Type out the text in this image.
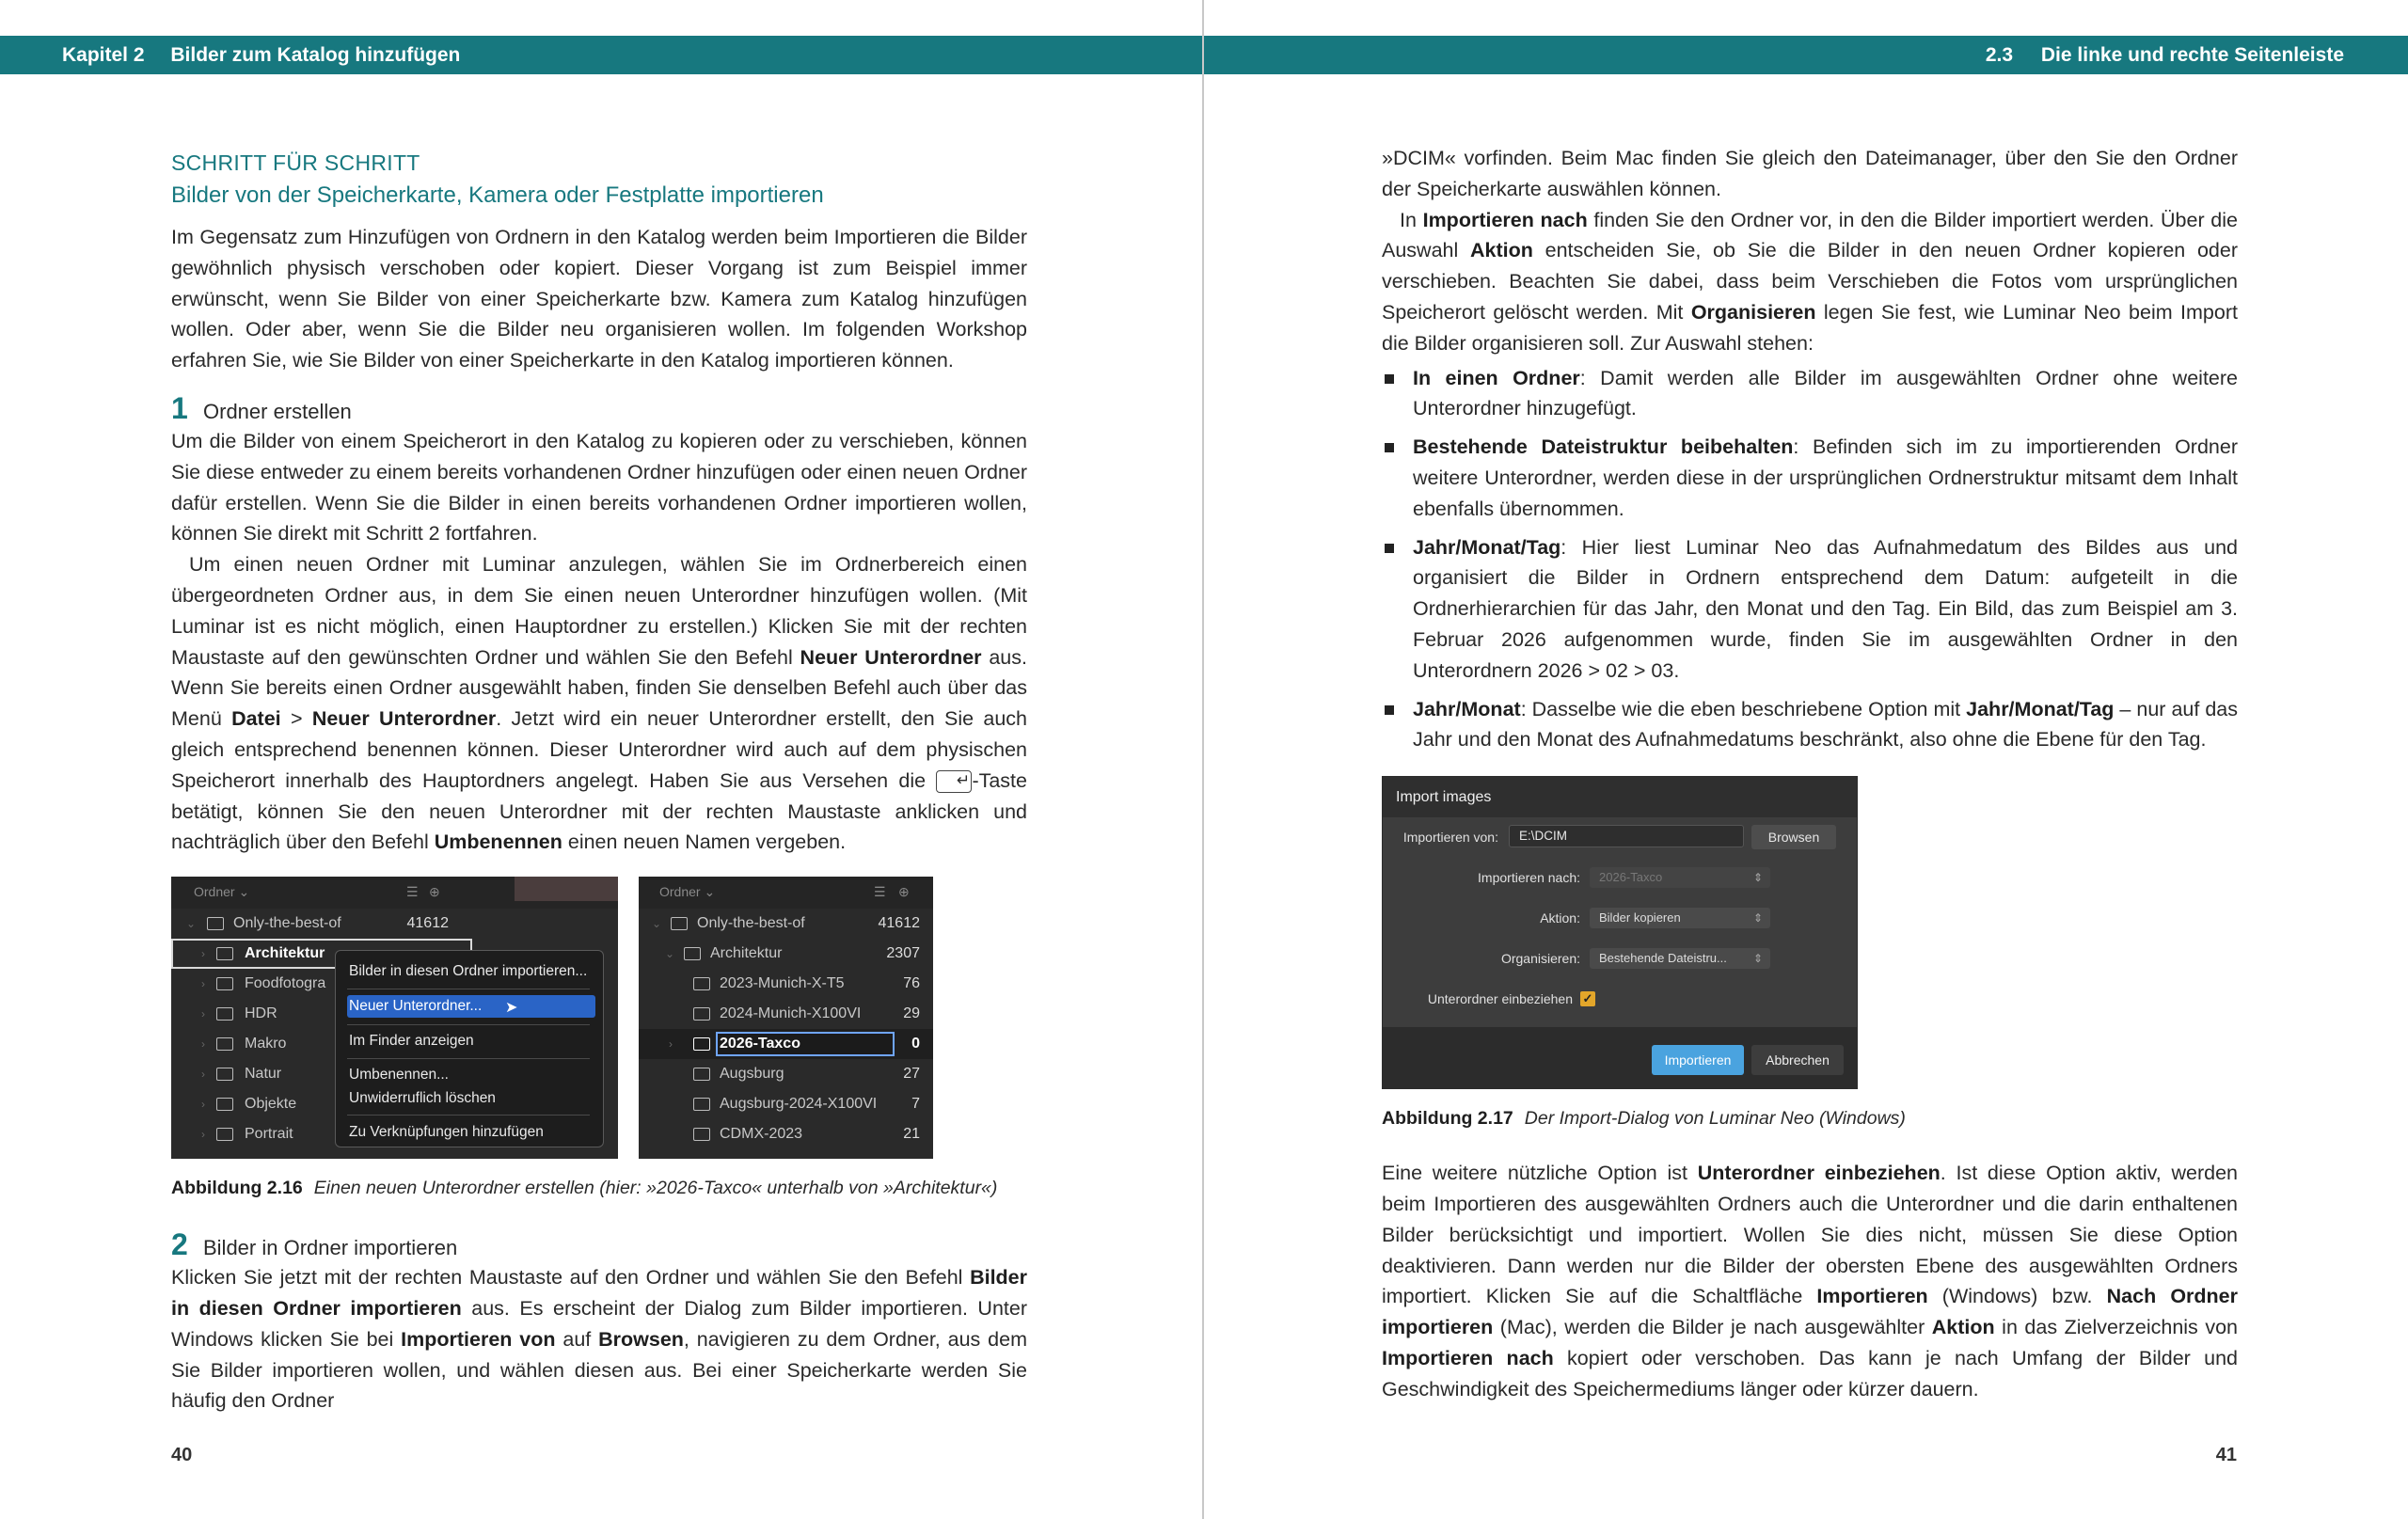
Kapitel 2 Bilder zum Katalog hinzufügen	2.3 Die linke und rechte Seitenleiste
SCHRITT FÜR SCHRITT
Bilder von der Speicherkarte, Kamera oder Festplatte importieren

Im Gegensatz zum Hinzufügen von Ordnern in den Katalog werden beim Importieren die Bilder gewöhnlich physisch verschoben oder kopiert. Dieser Vorgang ist zum Beispiel immer erwünscht, wenn Sie Bilder von einer Speicherkarte bzw. Kamera zum Katalog hinzufügen wollen. Oder aber, wenn Sie die Bilder neu organisieren wollen. Im folgenden Workshop erfahren Sie, wie Sie Bilder von einer Speicherkarte in den Katalog importieren können.

1 Ordner erstellen

Um die Bilder von einem Speicherort in den Katalog zu kopieren oder zu verschieben, können Sie diese entweder zu einem bereits vorhandenen Ordner hinzufügen oder einen neuen Ordner dafür erstellen. Wenn Sie die Bilder in einen bereits vorhandenen Ordner importieren wollen, können Sie direkt mit Schritt 2 fortfahren.

Um einen neuen Ordner mit Luminar anzulegen, wählen Sie im Ordnerbereich einen übergeordneten Ordner aus, in dem Sie einen neuen Unterordner hinzufügen wollen. (Mit Luminar ist es nicht möglich, einen Hauptordner zu erstellen.) Klicken Sie mit der rechten Maustaste auf den gewünschten Ordner und wählen Sie den Befehl Neuer Unterordner aus. Wenn Sie bereits einen Ordner ausgewählt haben, finden Sie denselben Befehl auch über das Menü Datei > Neuer Unterordner. Jetzt wird ein neuer Unterordner erstellt, den Sie auch gleich entsprechend benennen können. Dieser Unterordner wird auch auf dem physischen Speicherort innerhalb des Hauptordners angelegt. Haben Sie aus Versehen die ↵ -Taste betätigt, können Sie den neuen Unterordner mit der rechten Maustaste anklicken und nachträglich über den Befehl Umbenennen einen neuen Namen vergeben.

Ordner ⌄	☰ ⊕
⌄ Only-the-best-of	41612
›	Architektur
›	Foodfotogra
›	HDR
›	Makro
›	Natur
›	Objekte
›	Portrait
Bilder in diesen Ordner importieren...
Neuer Unterordner...	➤
Im Finder anzeigen
Umbenennen...
Unwiderruflich löschen
Zu Verknüpfungen hinzufügen
Ordner ⌄	☰ ⊕
⌄ Only-the-best-of	41612
⌄ Architektur	2307
2023-Munich-X-T5	76
2024-Munich-X100VI	29
›	2026-Taxco	0
Augsburg	27
Augsburg-2024-X100VI 7
CDMX-2023	21
Abbildung 2.16 Einen neuen Unterordner erstellen (hier: »2026-Taxco« unterhalb von »Architektur«)
2 Bilder in Ordner importieren

Klicken Sie jetzt mit der rechten Maustaste auf den Ordner und wählen Sie den Befehl Bilder in diesen Ordner importieren aus. Es erscheint der Dialog zum Bilder importieren. Unter Windows klicken Sie bei Importieren von auf Browsen, navigieren zu dem Ordner, aus dem Sie Bilder importieren wollen, und wählen diesen aus. Bei einer Speicherkarte werden Sie häufig den Ordner

40

»DCIM« vorfinden. Beim Mac finden Sie gleich den Dateimanager, über den Sie den Ordner der Speicherkarte auswählen können.

In Importieren nach finden Sie den Ordner vor, in den die Bilder importiert werden. Über die Auswahl Aktion entscheiden Sie, ob Sie die Bilder in den neuen Ordner kopieren oder verschieben. Beachten Sie dabei, dass beim Verschieben die Fotos vom ursprünglichen Speicherort gelöscht werden. Mit Organisieren legen Sie fest, wie Luminar Neo beim Import die Bilder organisieren soll. Zur Auswahl stehen:

In einen Ordner: Damit werden alle Bilder im ausgewählten Ordner ohne weitere Unterordner hinzugefügt.
Bestehende Dateistruktur beibehalten: Befinden sich im zu importierenden Ordner weitere Unterordner, werden diese in der ursprünglichen Ordnerstruktur mitsamt dem Inhalt ebenfalls übernommen.
Jahr/Monat/Tag: Hier liest Luminar Neo das Aufnahmedatum des Bildes aus und organisiert die Bilder in Ordnern entsprechend dem Datum: aufgeteilt in die Ordnerhierarchien für das Jahr, den Monat und den Tag. Ein Bild, das zum Beispiel am 3. Februar 2026 aufgenommen wurde, finden Sie im ausgewählten Ordner in den Unterordnern 2026 > 02 > 03.
Jahr/Monat: Dasselbe wie die eben beschriebene Option mit Jahr/Monat/Tag – nur auf das Jahr und den Monat des Aufnahmedatums beschränkt, also ohne die Ebene für den Tag.
Import images
Importieren von:	E:\DCIM	Browsen
Importieren nach:	2026-Taxco	⇕
Aktion:	Bilder kopieren	⇕
Organisieren:	Bestehende Dateistru... ⇕
Unterordner einbeziehen ✓
Importieren	Abbrechen
Abbildung 2.17 Der Import-Dialog von Luminar Neo (Windows)

Eine weitere nützliche Option ist Unterordner einbeziehen. Ist diese Option aktiv, werden beim Importieren des ausgewählten Ordners auch die Unterordner und die darin enthaltenen Bilder berücksichtigt und importiert. Wollen Sie dies nicht, müssen Sie diese Option deaktivieren. Dann werden nur die Bilder der obersten Ebene des ausgewählten Ordners importiert. Klicken Sie auf die Schaltfläche Importieren (Windows) bzw. Nach Ordner importieren (Mac), werden die Bilder je nach ausgewählter Aktion in das Zielverzeichnis von Importieren nach kopiert oder verschoben. Das kann je nach Umfang der Bilder und Geschwindigkeit des Speichermediums länger oder kürzer dauern.

41
